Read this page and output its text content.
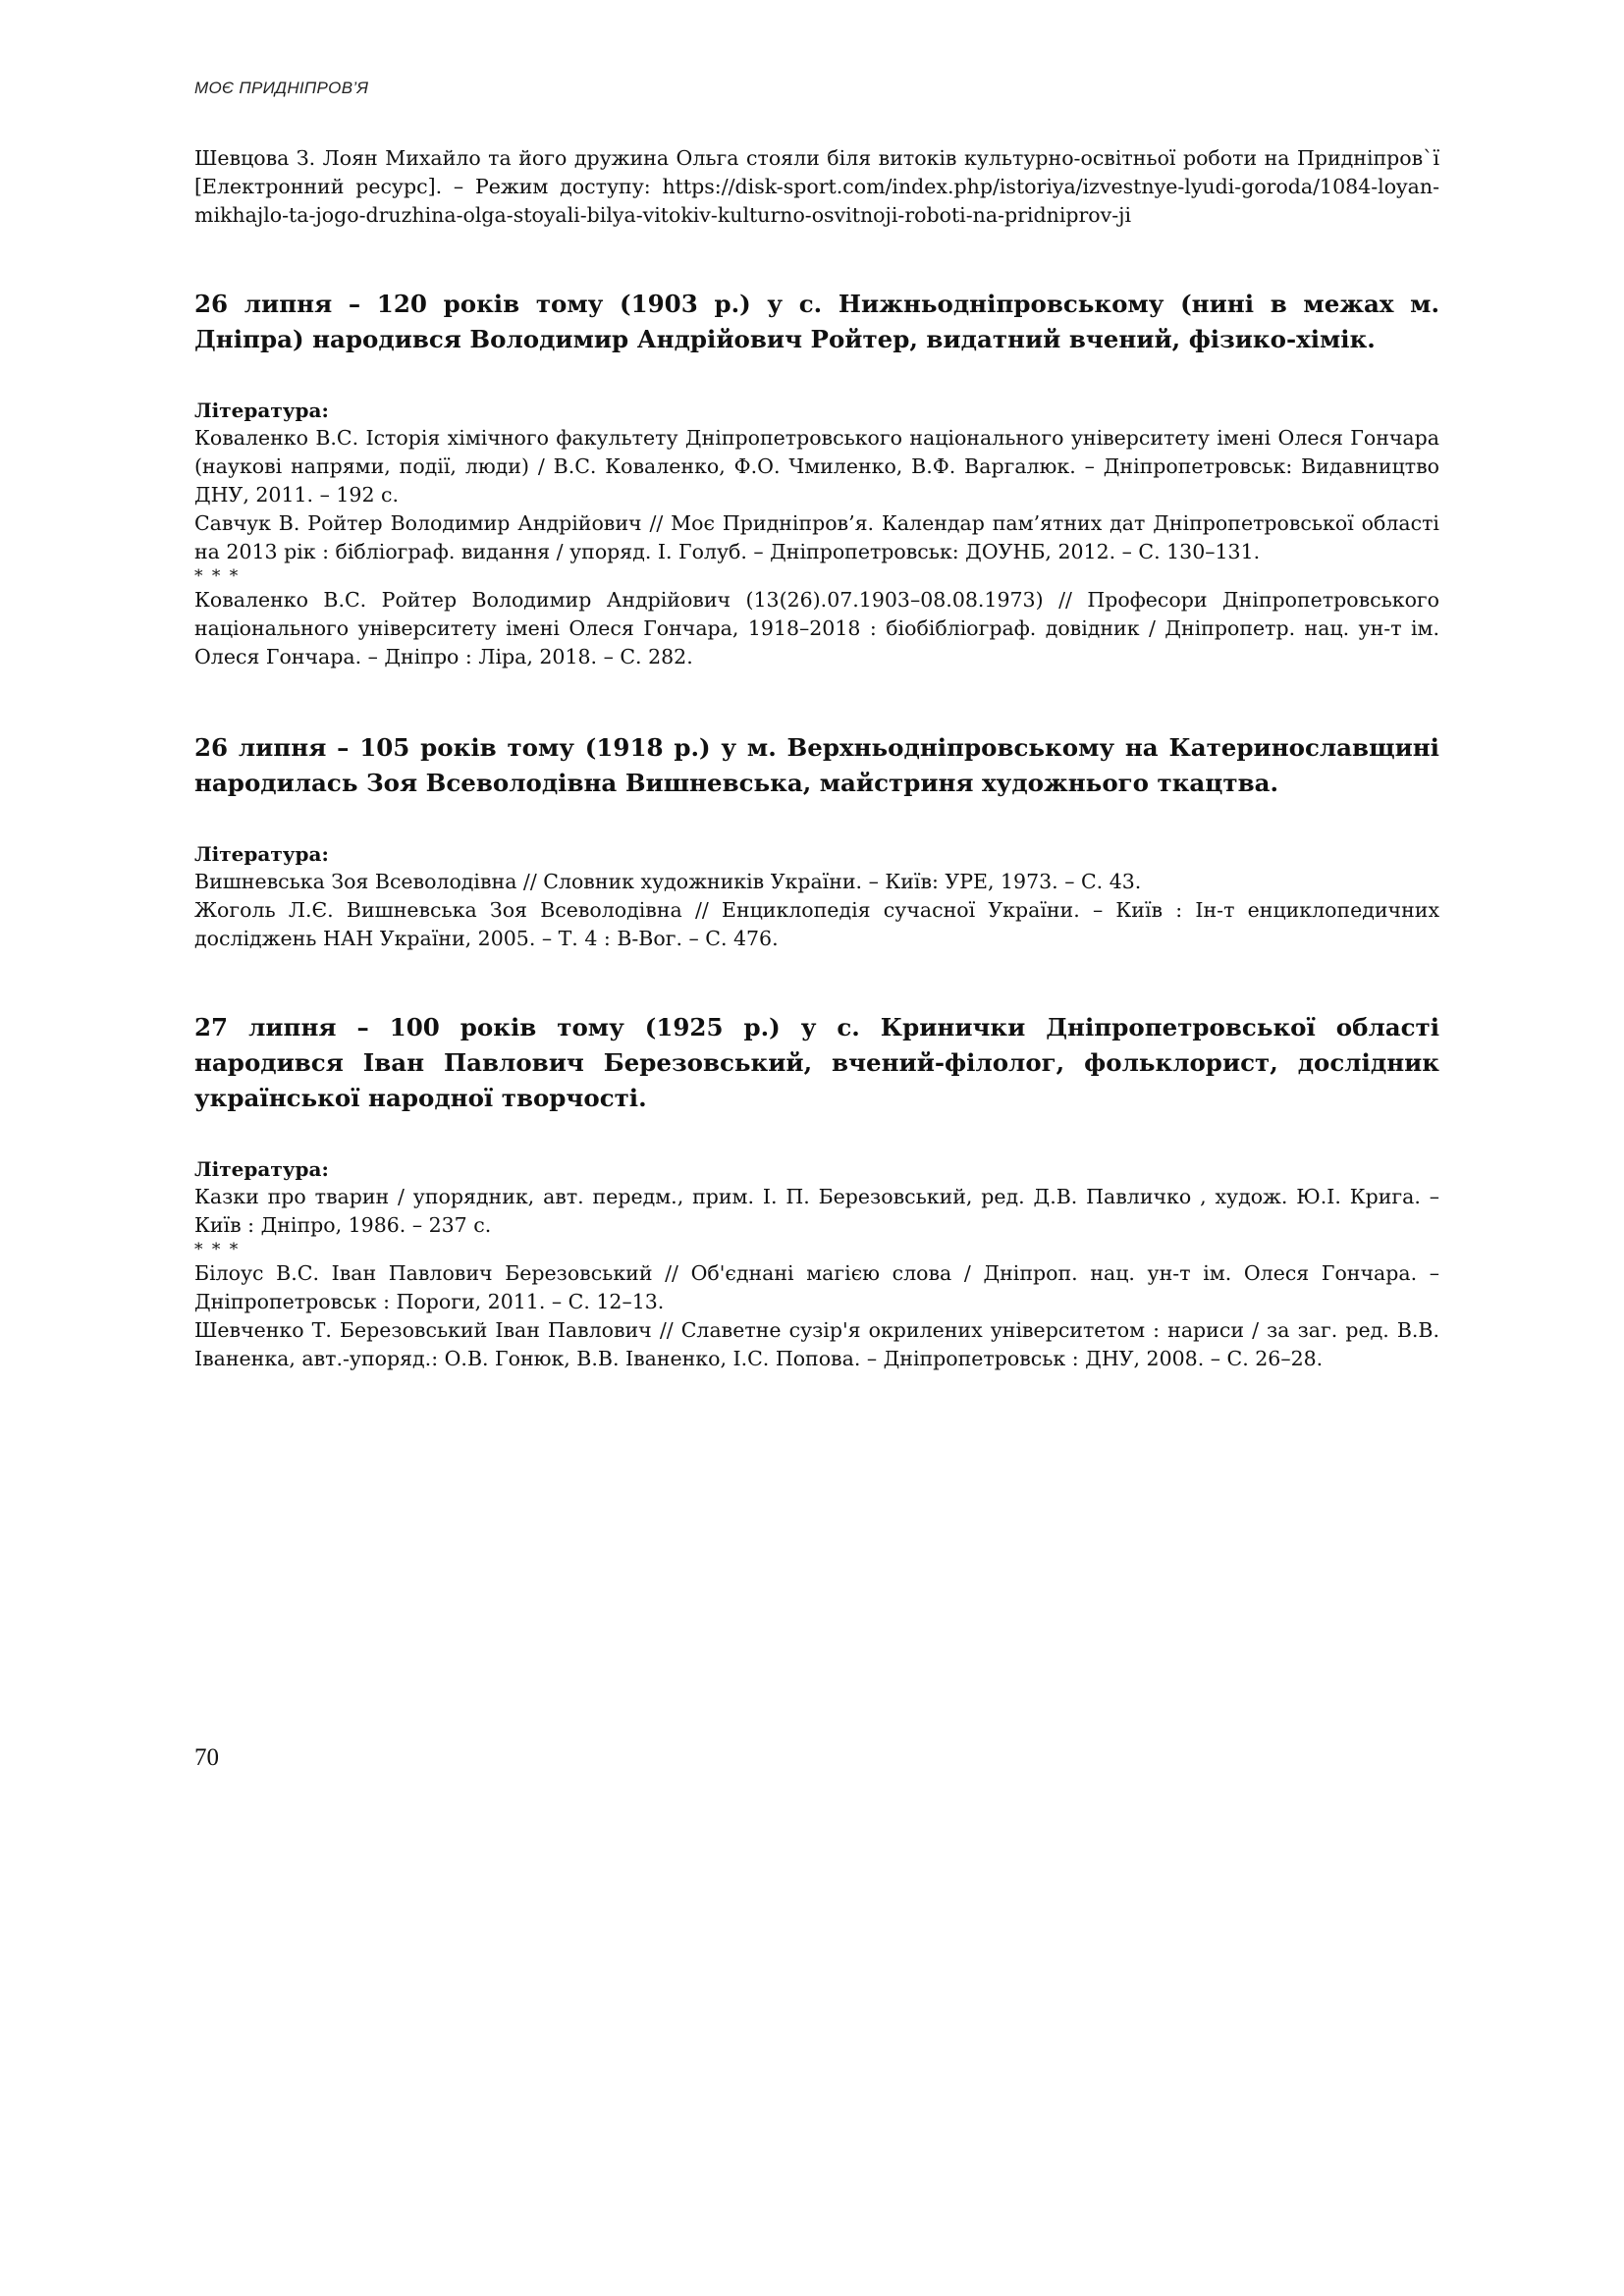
МОЄ ПРИДНІПРОВ’Я

Шевцова З. Лоян Михайло та його дружина Ольга стояли біля витоків культурно-освітньої роботи на Придніпров`ї [Електронний ресурс]. – Режим доступу: https://disk-sport.com/index.php/istoriya/izvestnye-lyudi-goroda/1084-loyan-mikhajlo-ta-jogo-druzhina-olga-stoyali-bilya-vitokiv-kulturno-osvitnoji-roboti-na-pridniprov-ji

26 липня – 120 років тому (1903 р.) у с. Нижньодніпровському (нині в межах м. Дніпра) народився Володимир Андрійович Ройтер, видатний вчений, фізико-хімік.

Література:

Коваленко В.С. Історія хімічного факультету Дніпропетровського національного університету імені Олеся Гончара (наукові напрями, події, люди) / В.С. Коваленко, Ф.О. Чмиленко, В.Ф. Варгалюк. – Дніпропетровськ: Видавництво ДНУ, 2011. – 192 с.

Савчук В. Ройтер Володимир Андрійович // Моє Придніпров’я. Календар пам’ятних дат Дніпропетровської області на 2013 рік : бібліограф. видання / упоряд. І. Голуб. – Дніпропетровськ: ДОУНБ, 2012. – С. 130–131.

* * *

Коваленко В.С. Ройтер Володимир Андрійович (13(26).07.1903–08.08.1973) // Професори Дніпропетровського національного університету імені Олеся Гончара, 1918–2018 : біобібліограф. довідник / Дніпропетр. нац. ун-т ім. Олеся Гончара. – Дніпро : Ліра, 2018. – С. 282.

26 липня – 105 років тому (1918 р.) у м. Верхньодніпровському на Катеринославщині народилась Зоя Всеволодівна Вишневська, майстриня художнього ткацтва.

Література:

Вишневська Зоя Всеволодівна // Словник художників України. – Київ: УРЕ, 1973. – С. 43.

Жоголь Л.Є. Вишневська Зоя Всеволодівна // Енциклопедія сучасної України. – Київ : Ін-т енциклопедичних досліджень НАН України, 2005. – Т. 4 : В-Вог. – С. 476.

27 липня – 100 років тому (1925 р.) у с. Кринички Дніпропетровської області народився Іван Павлович Березовський, вчений-філолог, фольклорист, дослідник української народної творчості.

Література:

Казки про тварин / упорядник, авт. передм., прим. І. П. Березовський, ред. Д.В. Павличко , худож. Ю.І. Крига. – Київ : Дніпро, 1986. – 237 с.

* * *

Білоус В.С. Іван Павлович Березовський // Об'єднані магією слова / Дніпроп. нац. ун-т ім. Олеся Гончара. – Дніпропетровськ : Пороги, 2011. – С. 12–13.

Шевченко Т. Березовський Іван Павлович // Славетне сузір'я окрилених університетом : нариси / за заг. ред. В.В. Іваненка, авт.-упоряд.: О.В. Гонюк, В.В. Іваненко, І.С. Попова. – Дніпропетровськ : ДНУ, 2008. – С. 26–28.

70
